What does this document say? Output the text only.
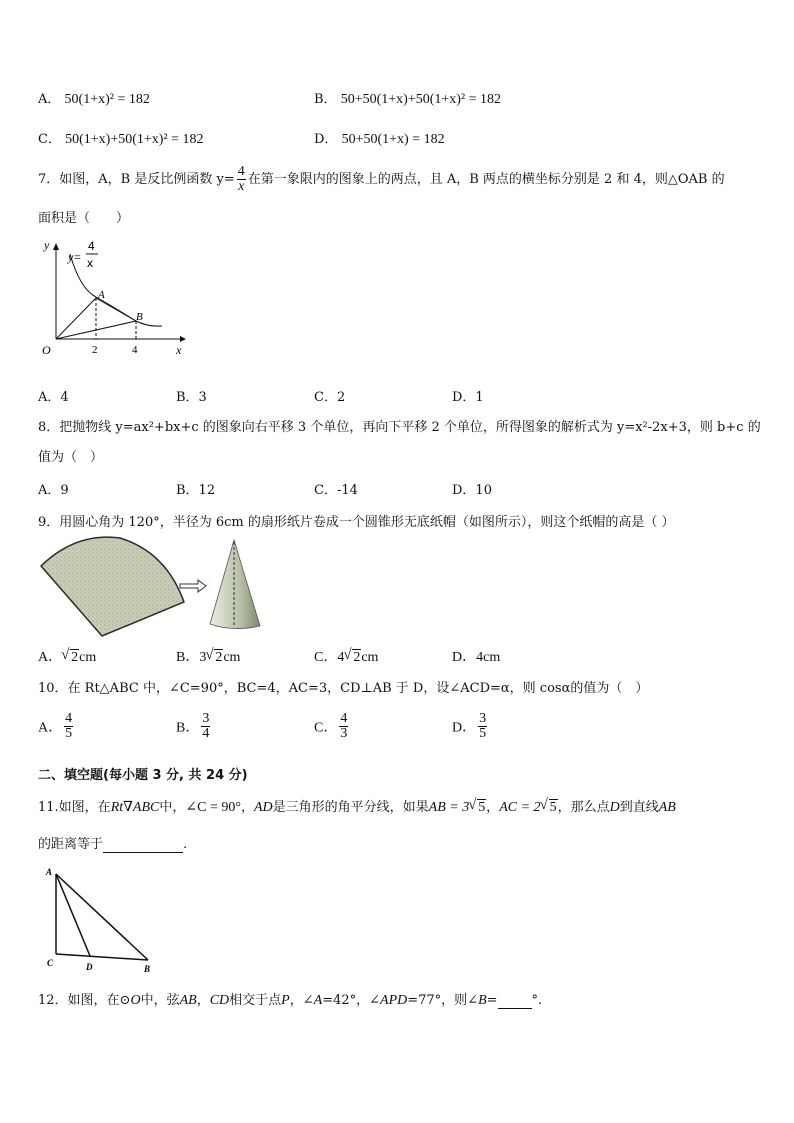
A． 50(1+x)² = 182	B． 50+50(1+x)+50(1+x)² = 182
C． 50(1+x)+50(1+x)² = 182	D． 50+50(1+x) = 182
7．如图，A，B 是反比例函数 $y= \frac{4}{x}$ 在第一象限内的图象上的两点，且 A，B 两点的横坐标分别是 2 和 4，则△OAB 的
面积是（　　）
y
x
O
A
B
2	4
y=
4
x
A．4	B．3	C．2	D．1
8．把抛物线 y=ax²+bx+c 的图象向右平移 3 个单位，再向下平移 2 个单位，所得图象的解析式为 y=x²-2x+3，则 b+c 的
值为（　）
A．9	B．12	C．-14	D．10
9．用圆心角为 120°，半径为 6cm 的扇形纸片卷成一个圆锥形无底纸帽（如图所示），则这个纸帽的高是（ ）
A． √ 2cm	B．3 √ 2cm	C．4 √ 2cm	D．4cm
10．在 Rt△ABC 中，∠C=90°，BC=4，AC=3，CD⊥AB 于 D，设∠ACD=α，则 cosα的值为（　）
A． $\frac{4}{5}$	B． $\frac{3}{4}$	C． $\frac{4}{3}$	D． $\frac{3}{5}$
二、填空题(每小题 3 分, 共 24 分)
11.如图，在Rt∇ABC中，∠C = 90°，AD是三角形的角平分线，如果AB = 3 √ 5，AC = 2 √ 5，那么点D到直线AB
的距离等于	.
A
C	D	B
12．如图，在⊙O中，弦AB，CD相交于点P，∠A=42°，∠APD=77°，则∠B=	°.
